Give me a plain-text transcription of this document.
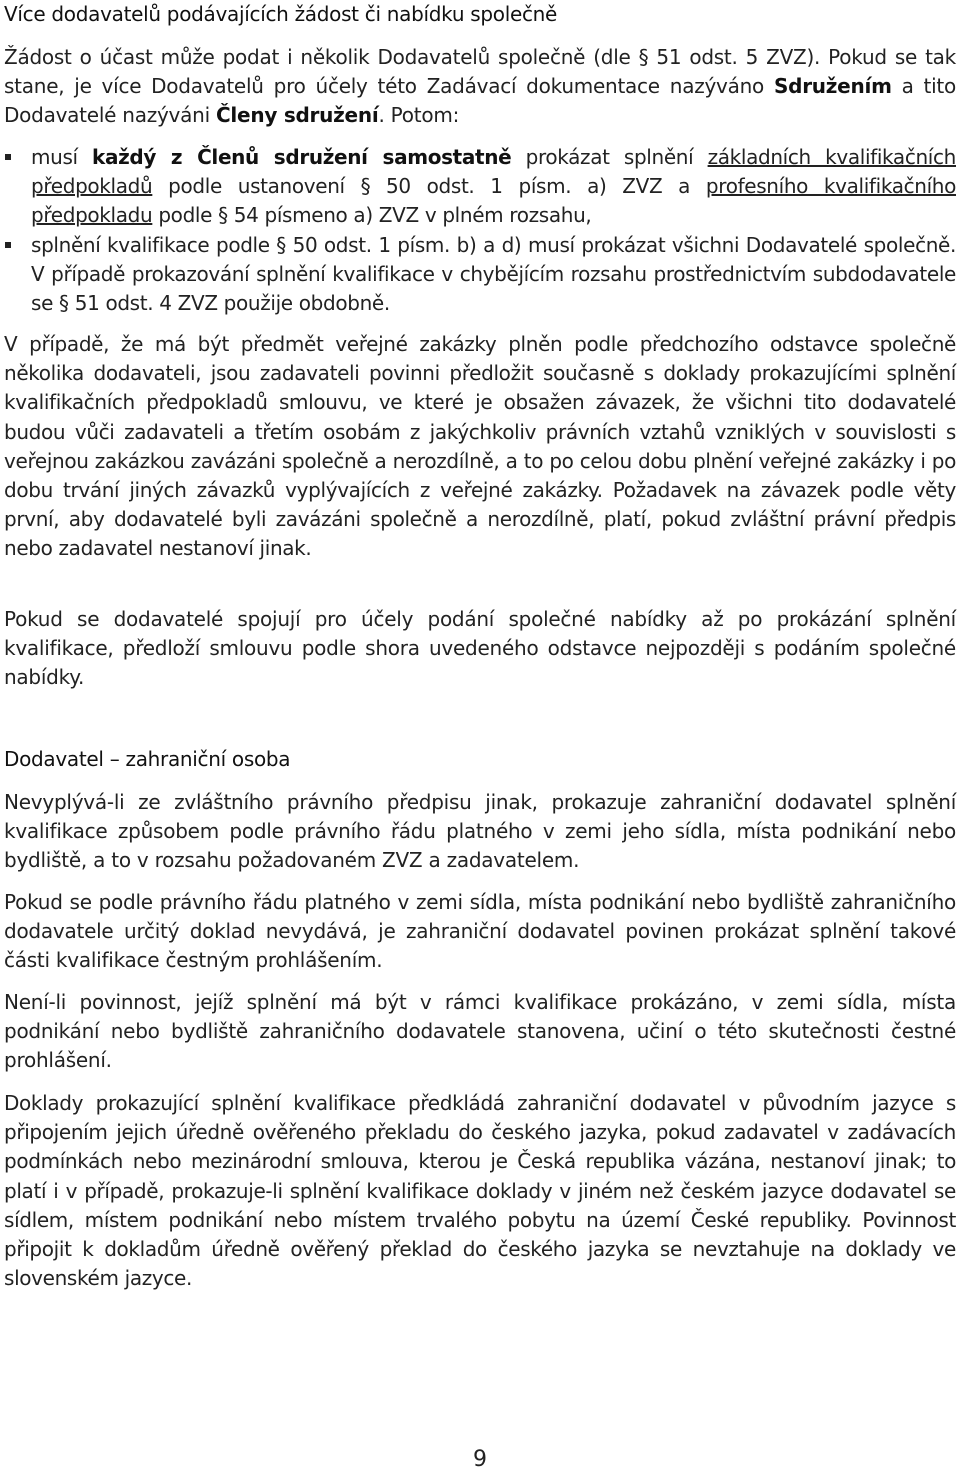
Více dodavatelů podávajících žádost či nabídku společně

Žádost o účast může podat i několik Dodavatelů společně (dle § 51 odst. 5 ZVZ). Pokud se tak stane, je více Dodavatelů pro účely této Zadávací dokumentace nazýváno Sdružením a tito Dodavatelé nazýváni Členy sdružení. Potom:

musí každý z Členů sdružení samostatně prokázat splnění základních kvalifikačních předpokladů podle ustanovení § 50 odst. 1 písm. a) ZVZ a profesního kvalifikačního předpokladu podle § 54 písmeno a) ZVZ v plném rozsahu,
splnění kvalifikace podle § 50 odst. 1 písm. b) a d) musí prokázat všichni Dodavatelé společně. V případě prokazování splnění kvalifikace v chybějícím rozsahu prostřednictvím subdodavatele se § 51 odst. 4 ZVZ použije obdobně.

V případě, že má být předmět veřejné zakázky plněn podle předchozího odstavce společně několika dodavateli, jsou zadavateli povinni předložit současně s doklady prokazujícími splnění kvalifikačních předpokladů smlouvu, ve které je obsažen závazek, že všichni tito dodavatelé budou vůči zadavateli a třetím osobám z jakýchkoliv právních vztahů vzniklých v souvislosti s veřejnou zakázkou zavázáni společně a nerozdílně, a to po celou dobu plnění veřejné zakázky i po dobu trvání jiných závazků vyplývajících z veřejné zakázky. Požadavek na závazek podle věty první, aby dodavatelé byli zavázáni společně a nerozdílně, platí, pokud zvláštní právní předpis nebo zadavatel nestanoví jinak.

Pokud se dodavatelé spojují pro účely podání společné nabídky až po prokázání splnění kvalifikace, předloží smlouvu podle shora uvedeného odstavce nejpozději s podáním společné nabídky.

Dodavatel – zahraniční osoba

Nevyplývá-li ze zvláštního právního předpisu jinak, prokazuje zahraniční dodavatel splnění kvalifikace způsobem podle právního řádu platného v zemi jeho sídla, místa podnikání nebo bydliště, a to v rozsahu požadovaném ZVZ a zadavatelem.

Pokud se podle právního řádu platného v zemi sídla, místa podnikání nebo bydliště zahraničního dodavatele určitý doklad nevydává, je zahraniční dodavatel povinen prokázat splnění takové části kvalifikace čestným prohlášením.

Není-li povinnost, jejíž splnění má být v rámci kvalifikace prokázáno, v zemi sídla, místa podnikání nebo bydliště zahraničního dodavatele stanovena, učiní o této skutečnosti čestné prohlášení.

Doklady prokazující splnění kvalifikace předkládá zahraniční dodavatel v původním jazyce s připojením jejich úředně ověřeného překladu do českého jazyka, pokud zadavatel v zadávacích podmínkách nebo mezinárodní smlouva, kterou je Česká republika vázána, nestanoví jinak; to platí i v případě, prokazuje-li splnění kvalifikace doklady v jiném než českém jazyce dodavatel se sídlem, místem podnikání nebo místem trvalého pobytu na území České republiky. Povinnost připojit k dokladům úředně ověřený překlad do českého jazyka se nevztahuje na doklady ve slovenském jazyce.

9
